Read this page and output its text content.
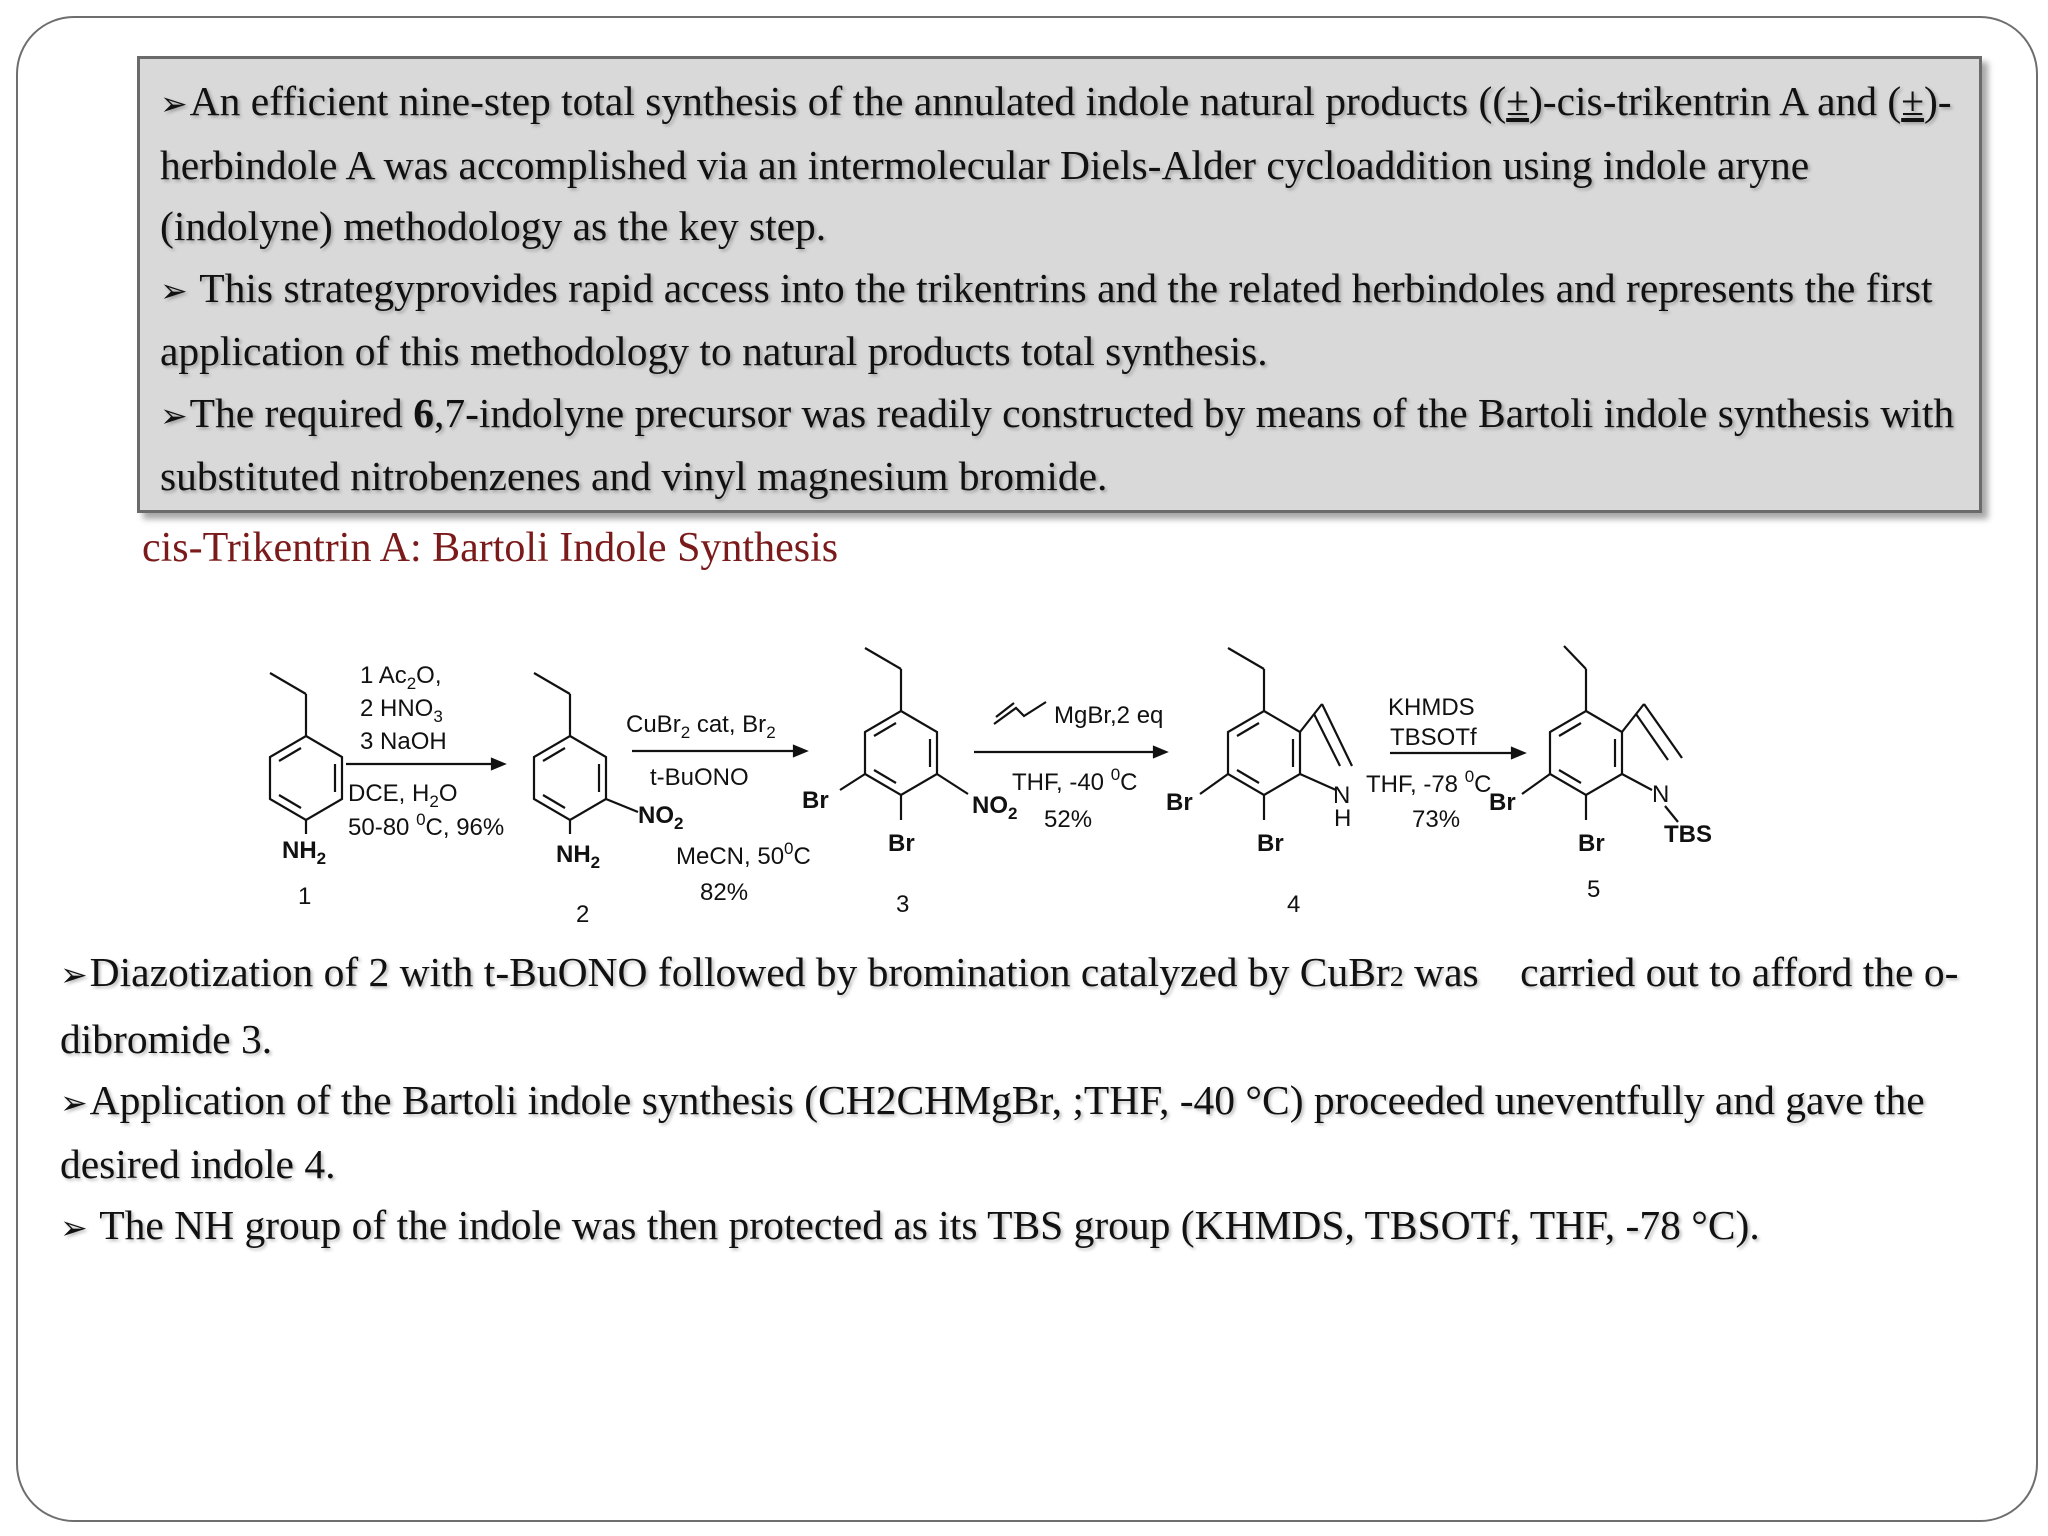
➢An efficient nine-step total synthesis of the annulated indole natural products ((±)-cis-trikentrin A and (±)-herbindole A was accomplished via an intermolecular Diels-Alder cycloaddition using indole aryne (indolyne) methodology as the key step.

➢ This strategyprovides rapid access into the trikentrins and the related herbindoles and represents the first application of this methodology to natural products total synthesis.

➢The required 6,7-indolyne precursor was readily constructed by means of the Bartoli indole synthesis with substituted nitrobenzenes and vinyl magnesium bromide.

cis-Trikentrin A: Bartoli Indole Synthesis
$NH_2$
1
1 $Ac_2O$,
2 $HNO_3$
3 NaOH
DCE, $H_2O$
50-80 $^0$C, 96%	$NO_2$
$NH_2$
2
CuBr$_2$ cat, $Br_2$
t-BuONO
MeCN, $50^0C$
82%
Br	$NO_2$
Br
3
MgBr,2 eq
THF, -40 $^0$C
52%
Br	N
H
Br
4
KHMDS
TBSOTf
THF, -78 $^0$C
73%
Br	N
TBS
Br
5

➢Diazotization of 2 with t-BuONO followed by bromination catalyzed by CuBr2 was    carried out to afford the o-dibromide 3.

➢Application of the Bartoli indole synthesis (CH2CHMgBr, ;THF, -40 °C) proceeded uneventfully and gave the desired indole 4.

➢ The NH group of the indole was then protected as its TBS group (KHMDS, TBSOTf, THF, -78 °C).
